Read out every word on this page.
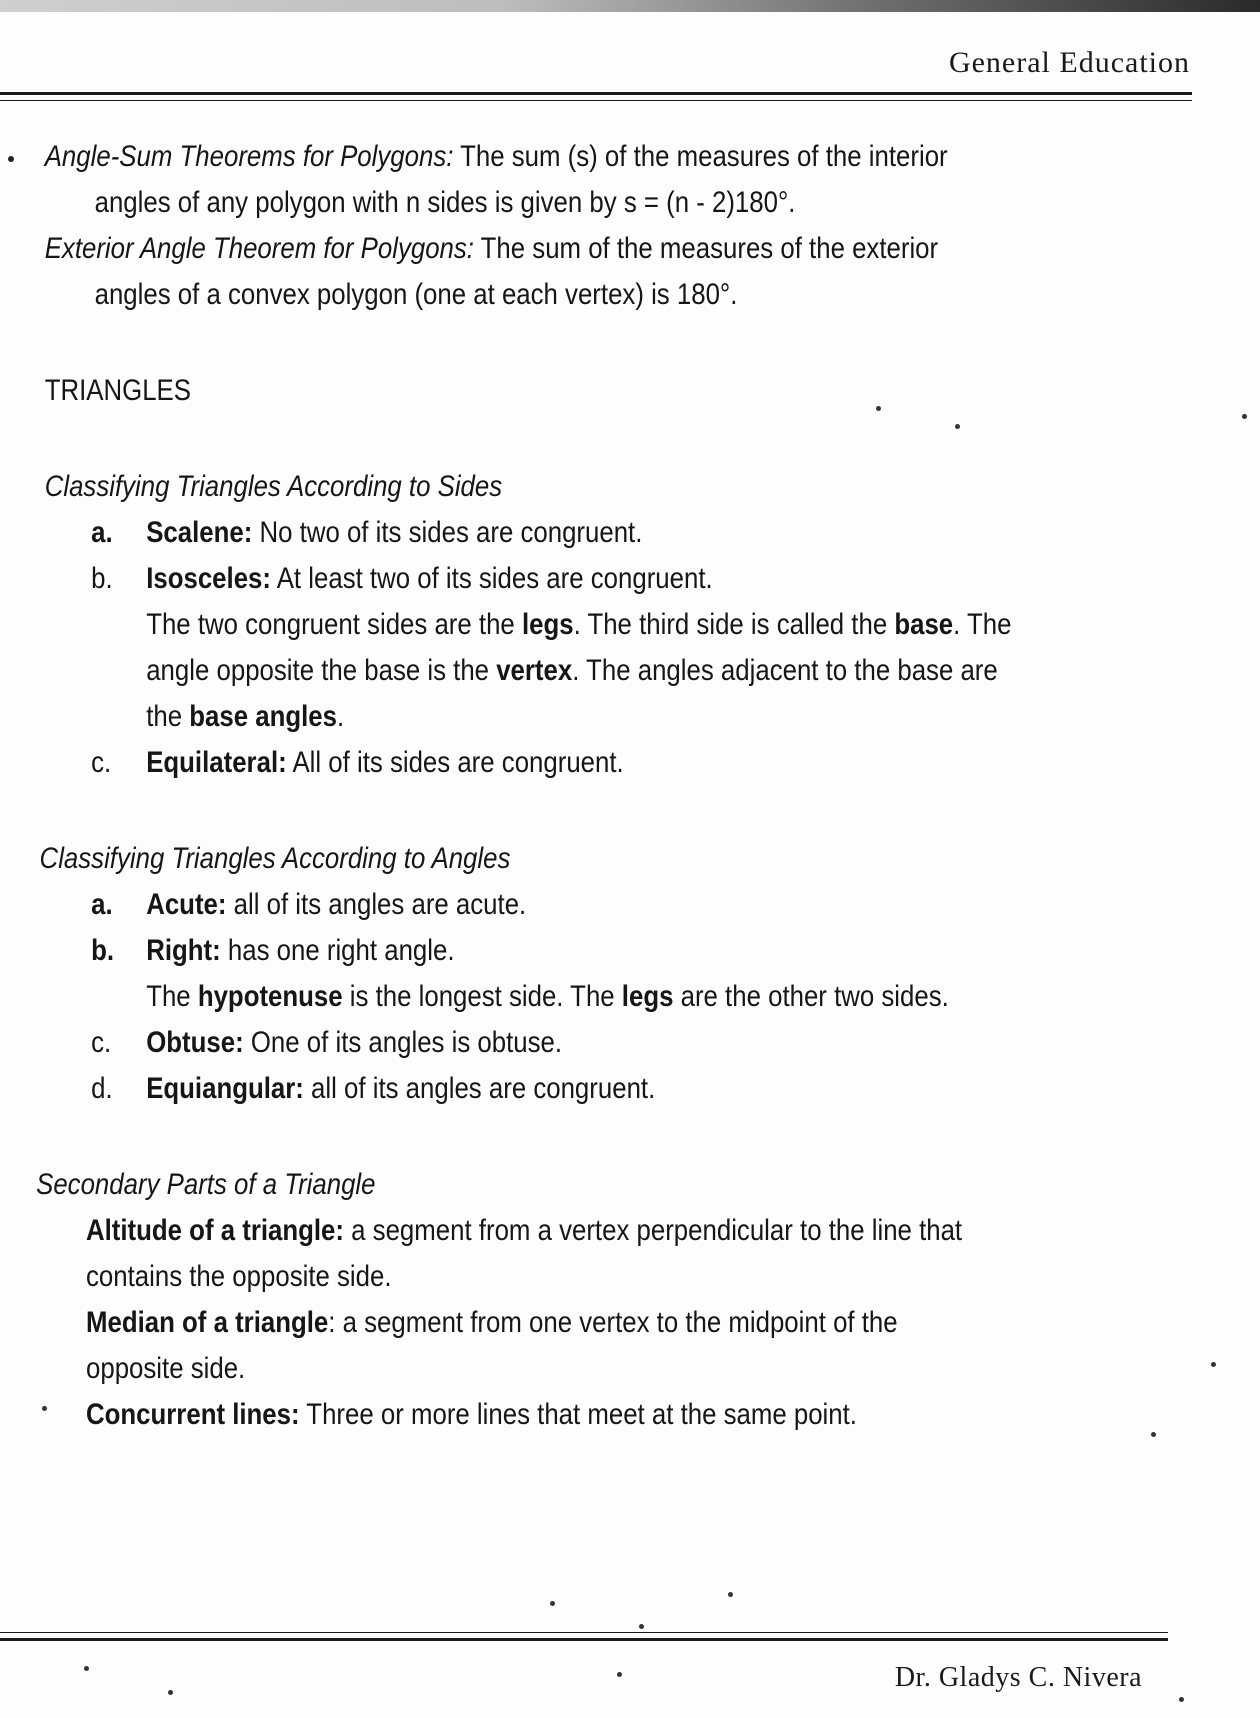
General Education
Angle-Sum Theorems for Polygons: The sum (s) of the measures of the interior
angles of any polygon with n sides is given by s = (n - 2)180°.
Exterior Angle Theorem for Polygons: The sum of the measures of the exterior
angles of a convex polygon (one at each vertex) is 180°.
TRIANGLES
Classifying Triangles According to Sides
a. Scalene: No two of its sides are congruent.
b. Isosceles: At least two of its sides are congruent.
The two congruent sides are the legs. The third side is called the base. The
angle opposite the base is the vertex. The angles adjacent to the base are
the base angles.
c. Equilateral: All of its sides are congruent.
Classifying Triangles According to Angles
a. Acute: all of its angles are acute.
b. Right: has one right angle.
The hypotenuse is the longest side. The legs are the other two sides.
c. Obtuse: One of its angles is obtuse.
d. Equiangular: all of its angles are congruent.
Secondary Parts of a Triangle
Altitude of a triangle: a segment from a vertex perpendicular to the line that
contains the opposite side.
Median of a triangle: a segment from one vertex to the midpoint of the
opposite side.
Concurrent lines: Three or more lines that meet at the same point.
Dr. Gladys C. Nivera
